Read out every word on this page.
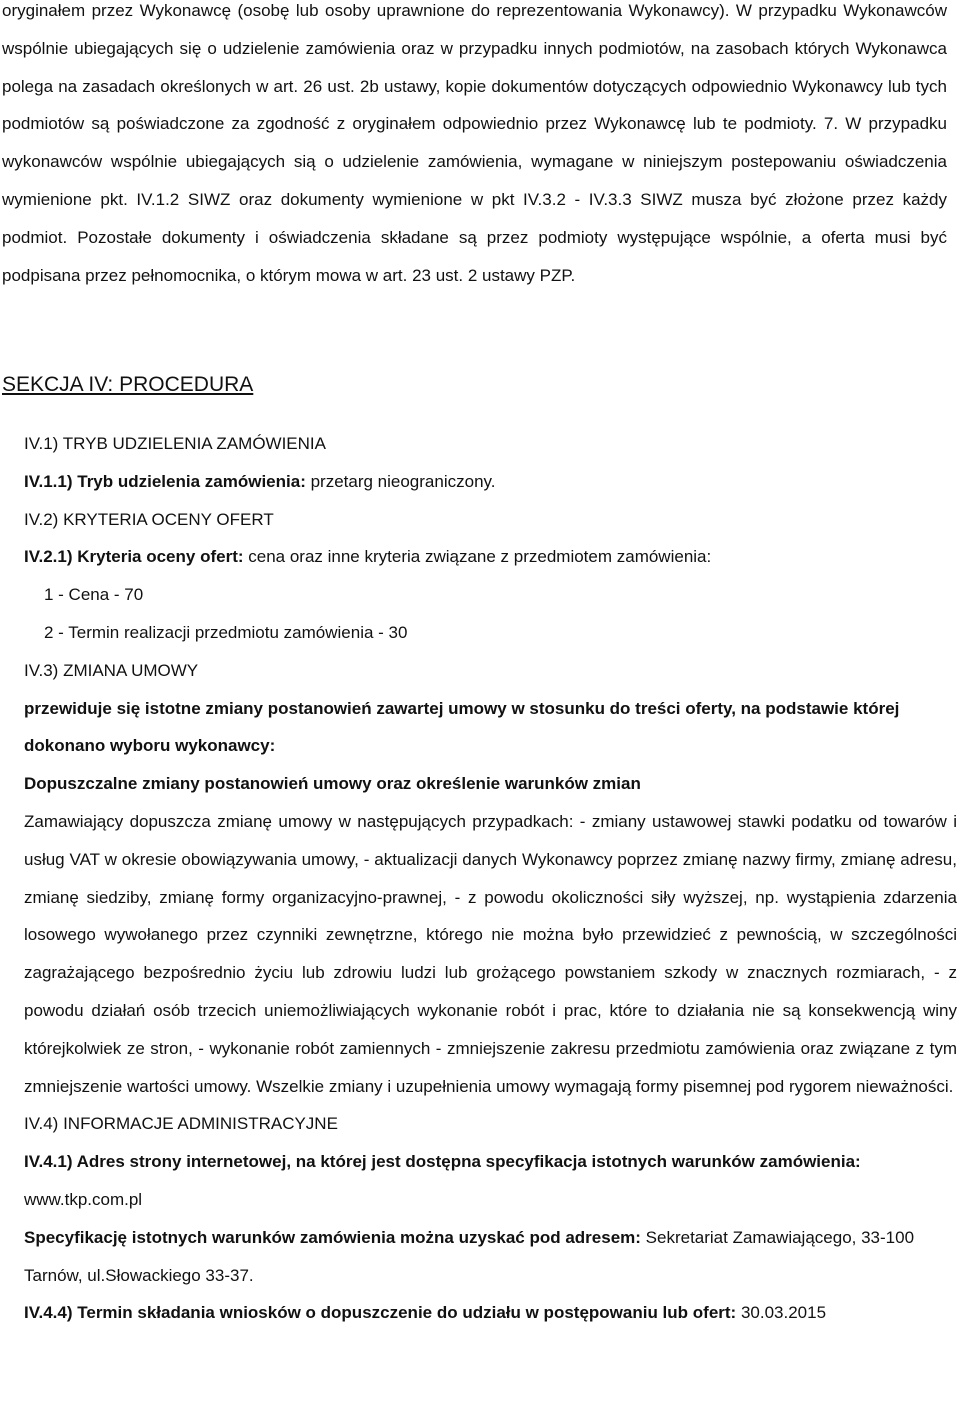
oryginałem przez Wykonawcę (osobę lub osoby uprawnione do reprezentowania Wykonawcy). W przypadku Wykonawców wspólnie ubiegających się o udzielenie zamówienia oraz w przypadku innych podmiotów, na zasobach których Wykonawca polega na zasadach określonych w art. 26 ust. 2b ustawy, kopie dokumentów dotyczących odpowiednio Wykonawcy lub tych podmiotów są poświadczone za zgodność z oryginałem odpowiednio przez Wykonawcę lub te podmioty. 7. W przypadku wykonawców wspólnie ubiegających sią o udzielenie zamówienia, wymagane w niniejszym postepowaniu oświadczenia wymienione pkt. IV.1.2 SIWZ oraz dokumenty wymienione w pkt IV.3.2 - IV.3.3 SIWZ musza być złożone przez każdy podmiot. Pozostałe dokumenty i oświadczenia składane są przez podmioty występujące wspólnie, a oferta musi być podpisana przez pełnomocnika, o którym mowa w art. 23 ust. 2 ustawy PZP.

SEKCJA IV: PROCEDURA
IV.1) TRYB UDZIELENIA ZAMÓWIENIA
IV.1.1) Tryb udzielenia zamówienia: przetarg nieograniczony.
IV.2) KRYTERIA OCENY OFERT
IV.2.1) Kryteria oceny ofert: cena oraz inne kryteria związane z przedmiotem zamówienia:
1 - Cena - 70
2 - Termin realizacji przedmiotu zamówienia - 30
IV.3) ZMIANA UMOWY
przewiduje się istotne zmiany postanowień zawartej umowy w stosunku do treści oferty, na podstawie której dokonano wyboru wykonawcy:
Dopuszczalne zmiany postanowień umowy oraz określenie warunków zmian
Zamawiający dopuszcza zmianę umowy w następujących przypadkach: - zmiany ustawowej stawki podatku od towarów i usług VAT w okresie obowiązywania umowy, - aktualizacji danych Wykonawcy poprzez zmianę nazwy firmy, zmianę adresu, zmianę siedziby, zmianę formy organizacyjno-prawnej, - z powodu okoliczności siły wyższej, np. wystąpienia zdarzenia losowego wywołanego przez czynniki zewnętrzne, którego nie można było przewidzieć z pewnością, w szczególności zagrażającego bezpośrednio życiu lub zdrowiu ludzi lub grożącego powstaniem szkody w znacznych rozmiarach, - z powodu działań osób trzecich uniemożliwiających wykonanie robót i prac, które to działania nie są konsekwencją winy którejkolwiek ze stron, - wykonanie robót zamiennych - zmniejszenie zakresu przedmiotu zamówienia oraz związane z tym zmniejszenie wartości umowy. Wszelkie zmiany i uzupełnienia umowy wymagają formy pisemnej pod rygorem nieważności.
IV.4) INFORMACJE ADMINISTRACYJNE
IV.4.1) Adres strony internetowej, na której jest dostępna specyfikacja istotnych warunków zamówienia: www.tkp.com.pl
Specyfikację istotnych warunków zamówienia można uzyskać pod adresem: Sekretariat Zamawiającego, 33-100 Tarnów, ul.Słowackiego 33-37.
IV.4.4) Termin składania wniosków o dopuszczenie do udziału w postępowaniu lub ofert: 30.03.2015
